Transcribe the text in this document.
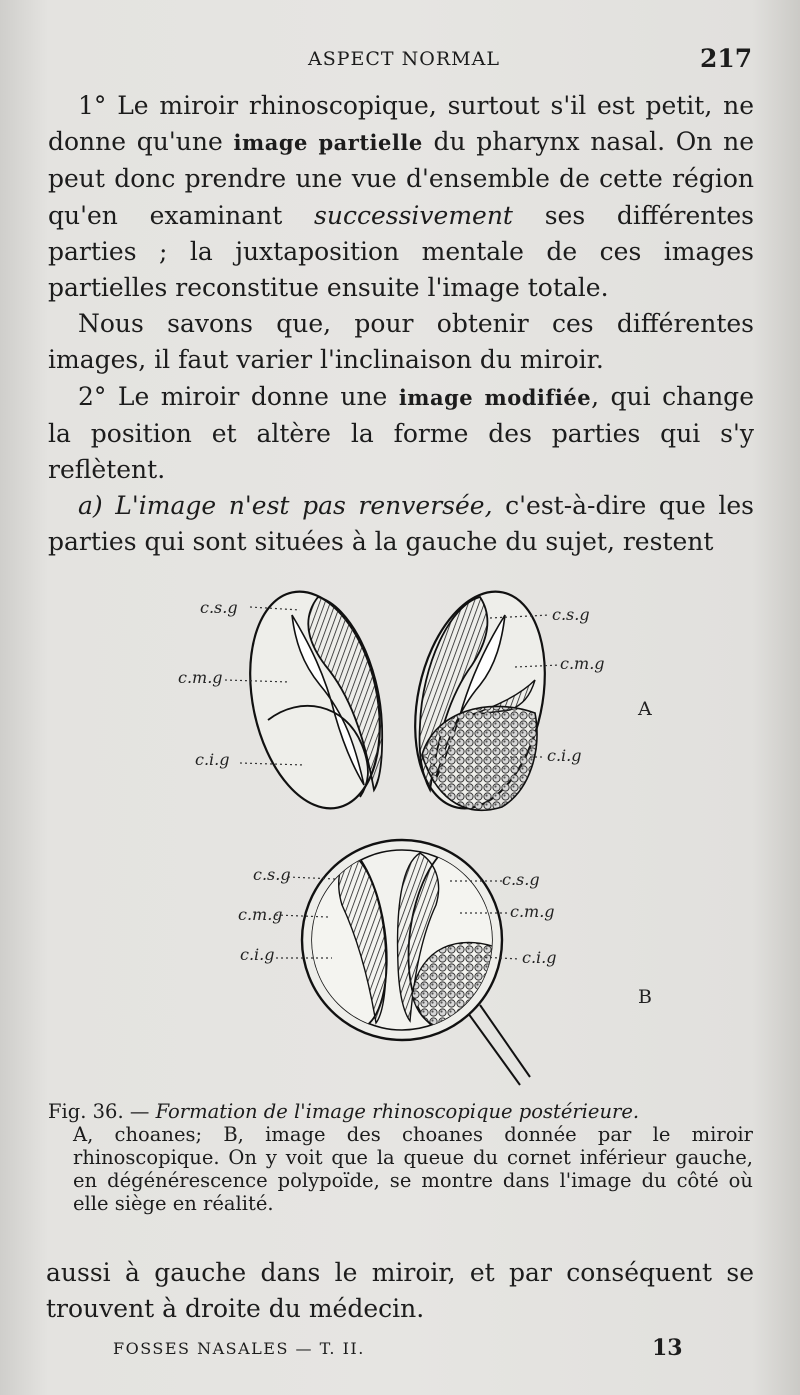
ASPECT NORMAL	217

1° Le miroir rhinoscopique, surtout s'il est petit, ne donne qu'une image partielle du pharynx nasal. On ne peut donc prendre une vue d'ensemble de cette région qu'en examinant successivement ses différentes parties ; la juxtaposition mentale de ces images partielles reconstitue ensuite l'image totale.

Nous savons que, pour obtenir ces différentes images, il faut varier l'inclinaison du miroir.

2° Le miroir donne une image modifiée, qui change la position et altère la forme des parties qui s'y reflètent.

a) L'image n'est pas renversée, c'est-à-dire que les parties qui sont situées à la gauche du sujet, restent

c.s.g
c.m.g
c.i.g
c.s.g
c.m.g
c.i.g
A
c.s.g
c.m.g
c.i.g
c.s.g
c.m.g
c.i.g
B
Fig. 36. — Formation de l'image rhinoscopique postérieure.
A, choanes; B, image des choanes donnée par le miroir rhinoscopique. On y voit que la queue du cornet inférieur gauche, en dégénérescence polypoïde, se montre dans l'image du côté où elle siège en réalité.
aussi à gauche dans le miroir, et par conséquent se trouvent à droite du médecin.
FOSSES NASALES — T. II.	13
